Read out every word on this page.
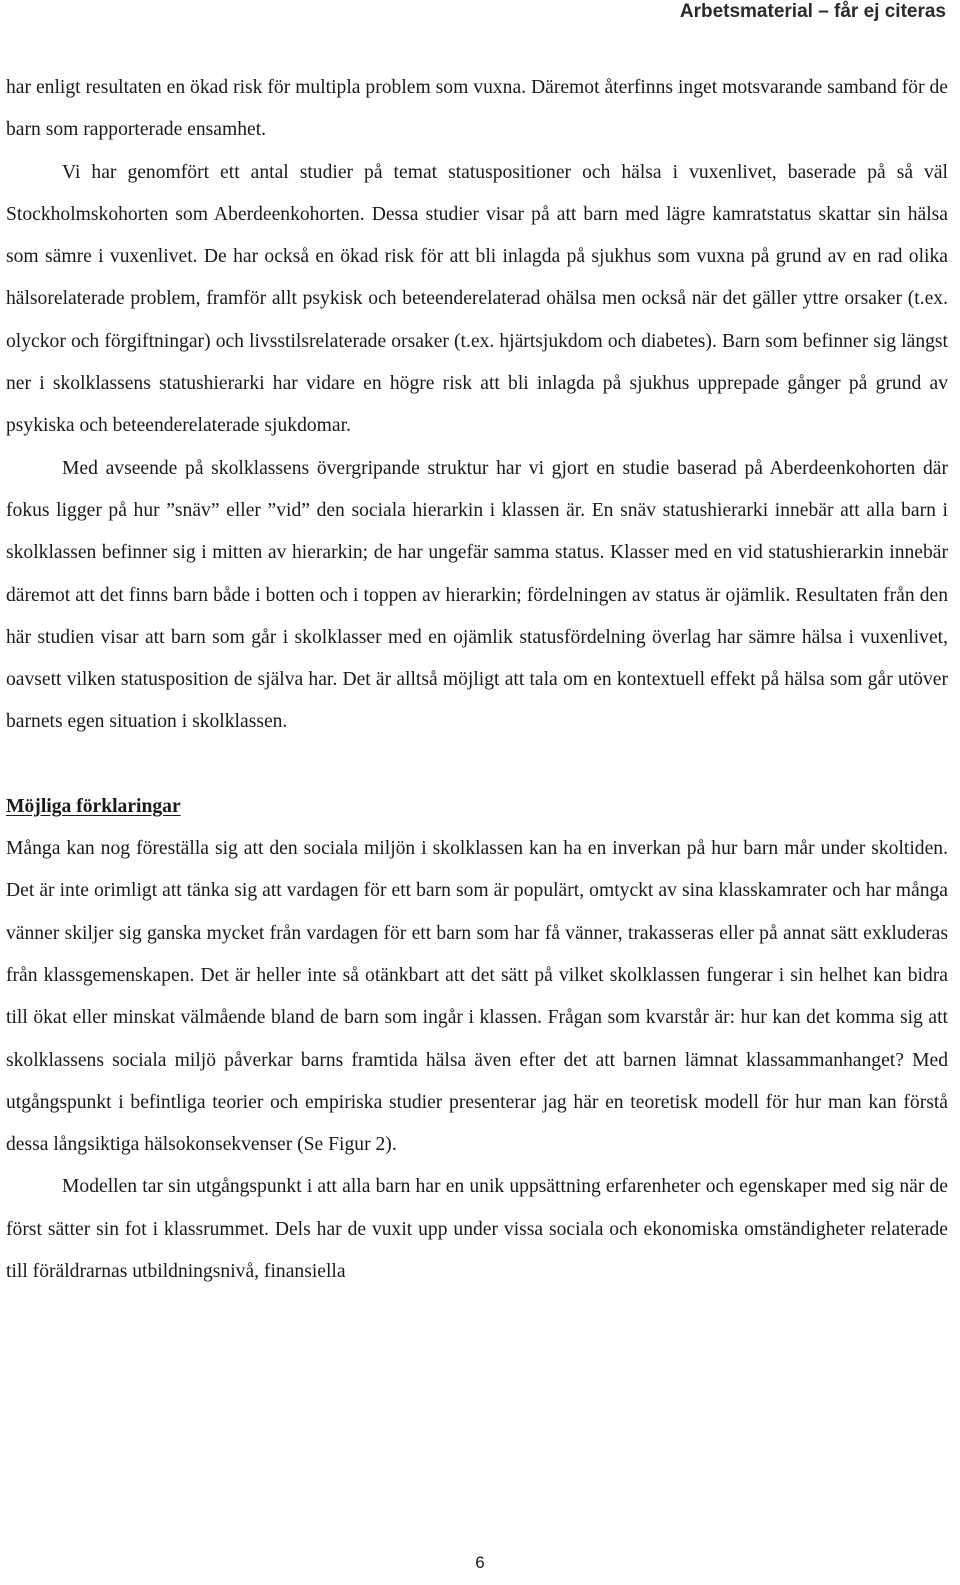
Arbetsmaterial – får ej citeras

har enligt resultaten en ökad risk för multipla problem som vuxna. Däremot återfinns inget motsvarande samband för de barn som rapporterade ensamhet.

Vi har genomfört ett antal studier på temat statuspositioner och hälsa i vuxenlivet, baserade på så väl Stockholmskohorten som Aberdeenkohorten. Dessa studier visar på att barn med lägre kamratstatus skattar sin hälsa som sämre i vuxenlivet. De har också en ökad risk för att bli inlagda på sjukhus som vuxna på grund av en rad olika hälsorelaterade problem, framför allt psykisk och beteenderelaterad ohälsa men också när det gäller yttre orsaker (t.ex. olyckor och förgiftningar) och livsstilsrelaterade orsaker (t.ex. hjärtsjukdom och diabetes). Barn som befinner sig längst ner i skolklassens statushierarki har vidare en högre risk att bli inlagda på sjukhus upprepade gånger på grund av psykiska och beteenderelaterade sjukdomar.

Med avseende på skolklassens övergripande struktur har vi gjort en studie baserad på Aberdeenkohorten där fokus ligger på hur ”snäv” eller ”vid” den sociala hierarkin i klassen är. En snäv statushierarki innebär att alla barn i skolklassen befinner sig i mitten av hierarkin; de har ungefär samma status. Klasser med en vid statushierarkin innebär däremot att det finns barn både i botten och i toppen av hierarkin; fördelningen av status är ojämlik. Resultaten från den här studien visar att barn som går i skolklasser med en ojämlik statusfördelning överlag har sämre hälsa i vuxenlivet, oavsett vilken statusposition de själva har. Det är alltså möjligt att tala om en kontextuell effekt på hälsa som går utöver barnets egen situation i skolklassen.

Möjliga förklaringar

Många kan nog föreställa sig att den sociala miljön i skolklassen kan ha en inverkan på hur barn mår under skoltiden. Det är inte orimligt att tänka sig att vardagen för ett barn som är populärt, omtyckt av sina klasskamrater och har många vänner skiljer sig ganska mycket från vardagen för ett barn som har få vänner, trakasseras eller på annat sätt exkluderas från klassgemenskapen. Det är heller inte så otänkbart att det sätt på vilket skolklassen fungerar i sin helhet kan bidra till ökat eller minskat välmående bland de barn som ingår i klassen. Frågan som kvarstår är: hur kan det komma sig att skolklassens sociala miljö påverkar barns framtida hälsa även efter det att barnen lämnat klassammanhanget? Med utgångspunkt i befintliga teorier och empiriska studier presenterar jag här en teoretisk modell för hur man kan förstå dessa långsiktiga hälsokonsekvenser (Se Figur 2).

Modellen tar sin utgångspunkt i att alla barn har en unik uppsättning erfarenheter och egenskaper med sig när de först sätter sin fot i klassrummet. Dels har de vuxit upp under vissa sociala och ekonomiska omständigheter relaterade till föräldrarnas utbildningsnivå, finansiella

6
